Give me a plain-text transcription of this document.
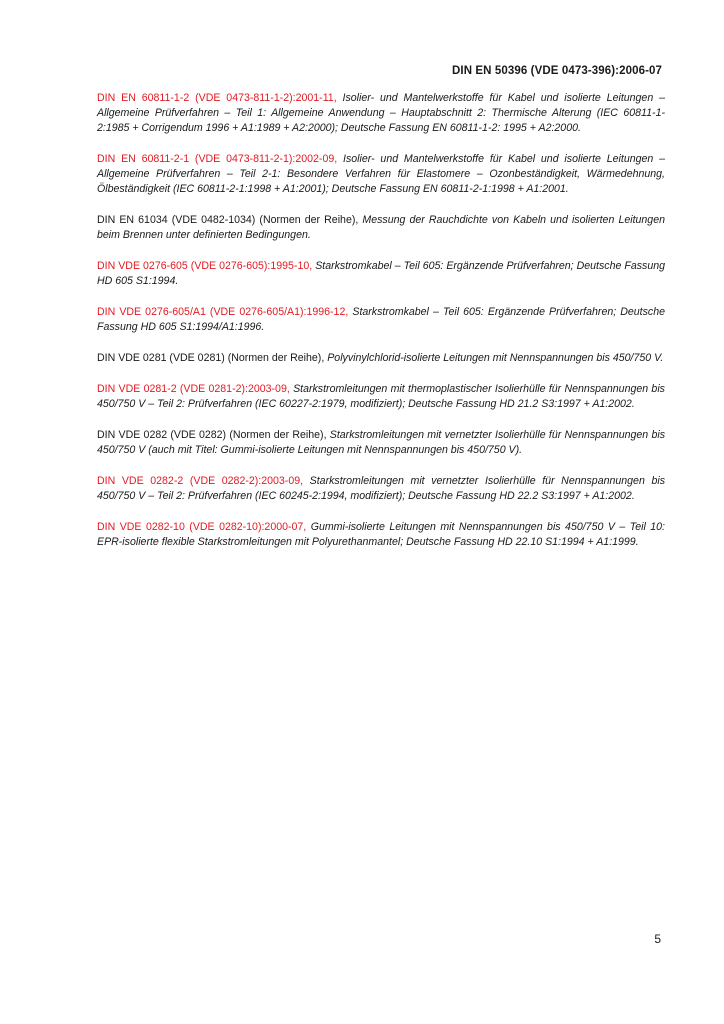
DIN EN 50396 (VDE 0473-396):2006-07

DIN EN 60811-1-2 (VDE 0473-811-1-2):2001-11, Isolier- und Mantelwerkstoffe für Kabel und isolierte Leitungen – Allgemeine Prüfverfahren – Teil 1: Allgemeine Anwendung – Hauptabschnitt 2: Thermische Alterung (IEC 60811-1-2:1985 + Corrigendum 1996 + A1:1989 + A2:2000); Deutsche Fassung EN 60811-1-2: 1995 + A2:2000.

DIN EN 60811-2-1 (VDE 0473-811-2-1):2002-09, Isolier- und Mantelwerkstoffe für Kabel und isolierte Leitungen – Allgemeine Prüfverfahren – Teil 2-1: Besondere Verfahren für Elastomere – Ozonbeständigkeit, Wärmedehnung, Ölbeständigkeit (IEC 60811-2-1:1998 + A1:2001); Deutsche Fassung EN 60811-2-1:1998 + A1:2001.

DIN EN 61034 (VDE 0482-1034) (Normen der Reihe), Messung der Rauchdichte von Kabeln und isolierten Leitungen beim Brennen unter definierten Bedingungen.

DIN VDE 0276-605 (VDE 0276-605):1995-10, Starkstromkabel – Teil 605: Ergänzende Prüfverfahren; Deutsche Fassung HD 605 S1:1994.

DIN VDE 0276-605/A1 (VDE 0276-605/A1):1996-12, Starkstromkabel – Teil 605: Ergänzende Prüfverfahren; Deutsche Fassung HD 605 S1:1994/A1:1996.

DIN VDE 0281 (VDE 0281) (Normen der Reihe), Polyvinylchlorid-isolierte Leitungen mit Nennspannungen bis 450/750 V.

DIN VDE 0281-2 (VDE 0281-2):2003-09, Starkstromleitungen mit thermoplastischer Isolierhülle für Nennspannungen bis 450/750 V – Teil 2: Prüfverfahren (IEC 60227-2:1979, modifiziert); Deutsche Fassung HD 21.2 S3:1997 + A1:2002.

DIN VDE 0282 (VDE 0282) (Normen der Reihe), Starkstromleitungen mit vernetzter Isolierhülle für Nennspannungen bis 450/750 V (auch mit Titel: Gummi-isolierte Leitungen mit Nennspannungen bis 450/750 V).

DIN VDE 0282-2 (VDE 0282-2):2003-09, Starkstromleitungen mit vernetzter Isolierhülle für Nennspannungen bis 450/750 V – Teil 2: Prüfverfahren (IEC 60245-2:1994, modifiziert); Deutsche Fassung HD 22.2 S3:1997 + A1:2002.

DIN VDE 0282-10 (VDE 0282-10):2000-07, Gummi-isolierte Leitungen mit Nennspannungen bis 450/750 V – Teil 10: EPR-isolierte flexible Starkstromleitungen mit Polyurethanmantel; Deutsche Fassung HD 22.10 S1:1994 + A1:1999.

5
